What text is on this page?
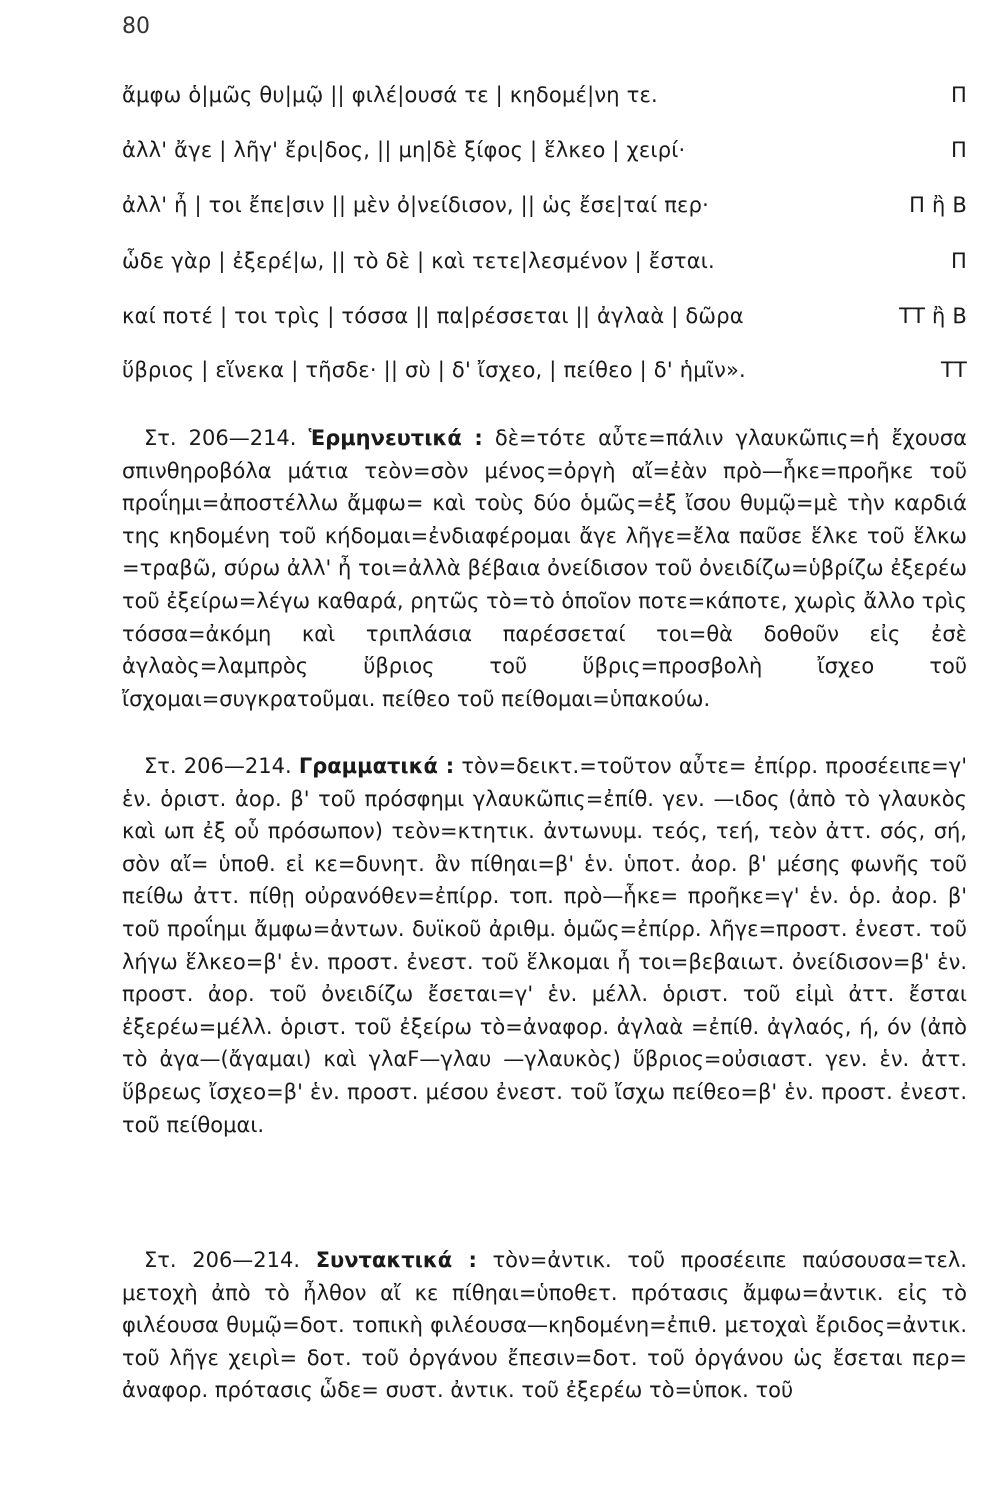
80
ἄμφω ὁ|μῶς θυ|μῷ || φιλέ|ουσά τε | κηδομέ|νη τε.	Π
ἀλλ' ἄγε | λῆγ' ἔρι|δος, || μη|δὲ ξίφος | ἕλκεο | χειρί·	Π
ἀλλ' ἦ | τοι ἔπε|σιν || μὲν ὀ|νείδισον, || ὡς ἔσε|ταί περ·	Π ἢ Β
ὧδε γὰρ | ἐξερέ|ω, || τὸ δὲ | καὶ τετε|λεσμένον | ἔσται.	Π
καί ποτέ | τοι τρὶς | τόσσα || πα|ρέσσεται || ἀγλαὰ | δῶρα	ΤΤ ἢ Β
ὕβριος | εἵνεκα | τῆσδε· || σὺ | δ' ἴσχεο, | πείθεο | δ' ἡμῖν».	ΤΤ

Στ. 206—214. Ἑρμηνευτικά : δὲ=τότε αὖτε=πάλιν γλαυκῶπις=ἡ ἔχουσα σπινθηροβόλα μάτια τεὸν=σὸν μένος=ὀργὴ αἴ=ἐὰν πρὸ—ἧκε=προῆκε τοῦ προΐημι=ἀποστέλλω ἄμφω= καὶ τοὺς δύο ὁμῶς=ἐξ ἴσου θυμῷ=μὲ τὴν καρδιά της κηδομένη τοῦ κήδομαι=ἐνδιαφέρομαι ἄγε λῆγε=ἔλα παῦσε ἕλκε τοῦ ἕλκω =τραβῶ, σύρω ἀλλ' ἦ τοι=ἀλλὰ βέβαια ὀνείδισον τοῦ ὀνειδίζω=ὑβρίζω ἐξερέω τοῦ ἐξείρω=λέγω καθαρά, ρητῶς τὸ=τὸ ὁποῖον ποτε=κάποτε, χωρὶς ἄλλο τρὶς τόσσα=ἀκόμη καὶ τριπλάσια παρέσσεταί τοι=θὰ δοθοῦν εἰς ἐσὲ ἀγλαὸς=λαμπρὸς ὕβριος τοῦ ὕβρις=προσβολὴ ἴσχεο τοῦ ἴσχομαι=συγκρατοῦμαι. πείθεο τοῦ πείθομαι=ὑπακούω.

Στ. 206—214. Γραμματικά : τὸν=δεικτ.=τοῦτον αὖτε= ἐπίρρ. προσέειπε=γ' ἑν. ὁριστ. ἀορ. β' τοῦ πρόσφημι γλαυκῶπις=ἐπίθ. γεν. —ιδος (ἀπὸ τὸ γλαυκὸς καὶ ωπ ἐξ οὗ πρόσωπον) τεὸν=κτητικ. ἀντωνυμ. τεός, τεή, τεὸν ἀττ. σός, σή, σὸν αἴ= ὑποθ. εἰ κε=δυνητ. ἂν πίθηαι=β' ἑν. ὑποτ. ἀορ. β' μέσης φωνῆς τοῦ πείθω ἀττ. πίθῃ οὐρανόθεν=ἐπίρρ. τοπ. πρὸ—ἧκε= προῆκε=γ' ἑν. ὁρ. ἀορ. β' τοῦ προΐημι ἄμφω=ἀντων. δυϊκοῦ ἀριθμ. ὁμῶς=ἐπίρρ. λῆγε=προστ. ἐνεστ. τοῦ λήγω ἕλκεο=β' ἑν. προστ. ἐνεστ. τοῦ ἕλκομαι ἦ τοι=βεβαιωτ. ὀνείδισον=β' ἑν. προστ. ἀορ. τοῦ ὀνειδίζω ἔσεται=γ' ἑν. μέλλ. ὁριστ. τοῦ εἰμὶ ἀττ. ἔσται ἐξερέω=μέλλ. ὁριστ. τοῦ ἐξείρω τὸ=ἀναφορ. ἀγλαὰ =ἐπίθ. ἀγλαός, ή, όν (ἀπὸ τὸ ἀγα—(ἄγαμαι) καὶ γλαF—γλαυ —γλαυκὸς) ὕβριος=οὐσιαστ. γεν. ἑν. ἀττ. ὕβρεως ἴσχεο=β' ἑν. προστ. μέσου ἐνεστ. τοῦ ἴσχω πείθεο=β' ἑν. προστ. ἐνεστ. τοῦ πείθομαι.

Στ. 206—214. Συντακτικά : τὸν=ἀντικ. τοῦ προσέειπε παύσουσα=τελ. μετοχὴ ἀπὸ τὸ ἦλθον αἴ κε πίθηαι=ὑποθετ. πρότασις ἄμφω=ἀντικ. εἰς τὸ φιλέουσα θυμῷ=δοτ. τοπικὴ φιλέουσα—κηδομένη=ἐπιθ. μετοχαὶ ἔριδος=ἀντικ. τοῦ λῆγε χειρὶ= δοτ. τοῦ ὀργάνου ἔπεσιν=δοτ. τοῦ ὀργάνου ὡς ἔσεται περ= ἀναφορ. πρότασις ὧδε= συστ. ἀντικ. τοῦ ἐξερέω τὸ=ὑποκ. τοῦ
